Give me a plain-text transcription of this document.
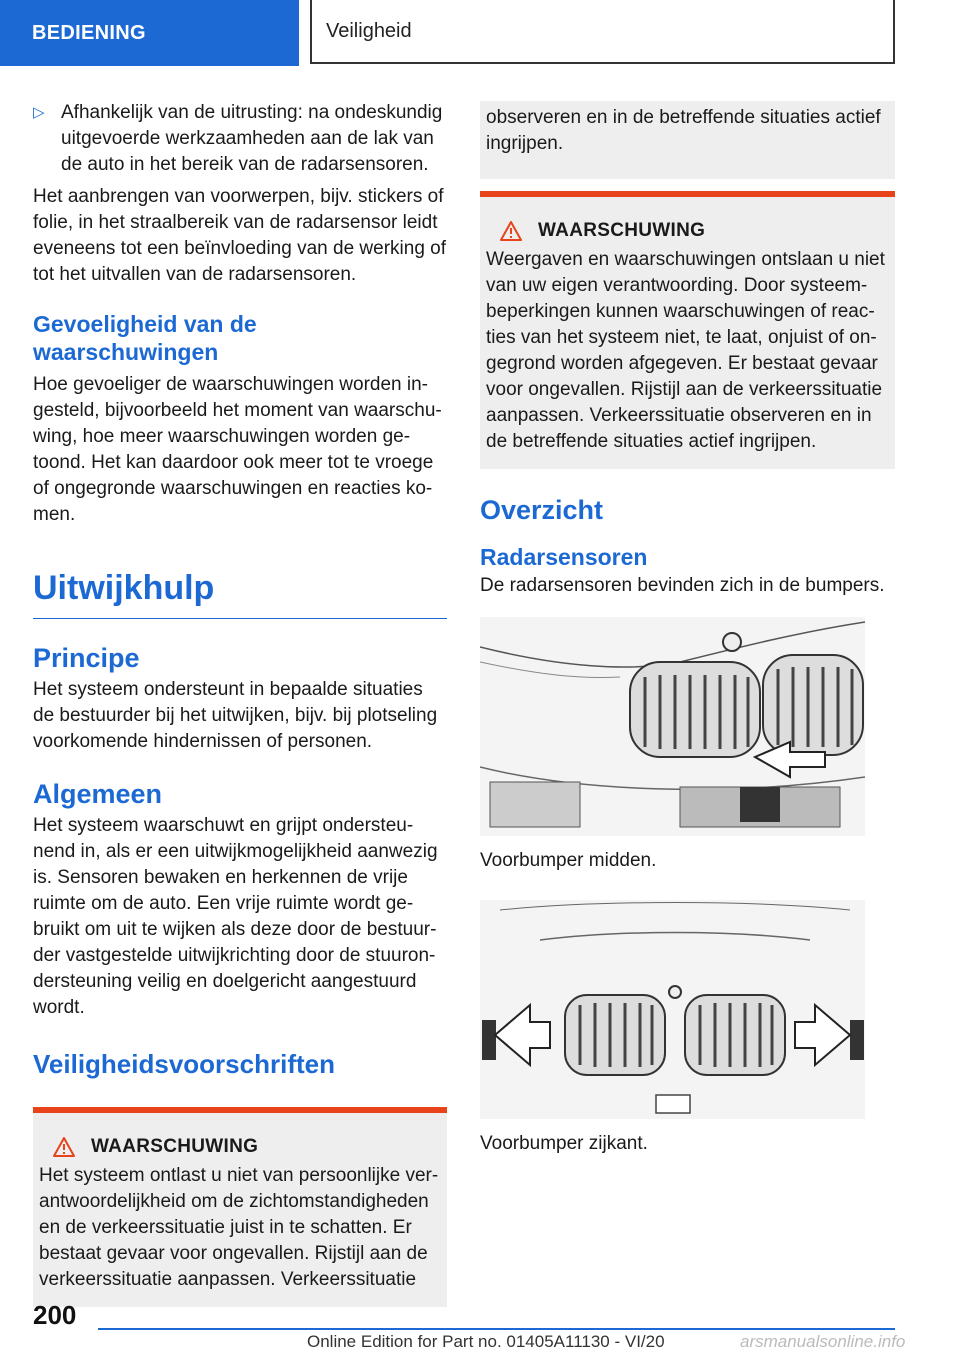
BEDIENING	Veiligheid

▷ Afhankelijk van de uitrusting: na ondeskundig uitgevoerde werkzaamheden aan de lak van de auto in het bereik van de radarsensoren.

Het aanbrengen van voorwerpen, bijv. stickers of folie, in het straalbereik van de radarsensor leidt eveneens tot een beïnvloeding van de werking of tot het uitvallen van de radarsensoren.

Gevoeligheid van de waarschuwingen

Hoe gevoeliger de waarschuwingen worden in- gesteld, bijvoorbeeld het moment van waarschu- wing, hoe meer waarschuwingen worden ge- toond. Het kan daardoor ook meer tot te vroege of ongegronde waarschuwingen en reacties ko- men.

Uitwijkhulp
Principe

Het systeem ondersteunt in bepaalde situaties de bestuurder bij het uitwijken, bijv. bij plotseling voorkomende hindernissen of personen.

Algemeen

Het systeem waarschuwt en grijpt ondersteu- nend in, als er een uitwijkmogelijkheid aanwezig is. Sensoren bewaken en herkennen de vrije ruimte om de auto. Een vrije ruimte wordt ge- bruikt om uit te wijken als deze door de bestuur- der vastgestelde uitwijkrichting door de stuuron- dersteuning veilig en doelgericht aangestuurd wordt.

Veiligheidsvoorschriften
WAARSCHUWING

Het systeem ontlast u niet van persoonlijke ver- antwoordelijkheid om de zichtomstandigheden en de verkeerssituatie juist in te schatten. Er bestaat gevaar voor ongevallen. Rijstijl aan de verkeerssituatie aanpassen. Verkeerssituatie

observeren en in de betreffende situaties actief ingrijpen.

WAARSCHUWING

Weergaven en waarschuwingen ontslaan u niet van uw eigen verantwoording. Door systeem- beperkingen kunnen waarschuwingen of reac- ties van het systeem niet, te laat, onjuist of on- gegrond worden afgegeven. Er bestaat gevaar voor ongevallen. Rijstijl aan de verkeerssituatie aanpassen. Verkeerssituatie observeren en in de betreffende situaties actief ingrijpen.

Overzicht
Radarsensoren

De radarsensoren bevinden zich in de bumpers.

Voorbumper midden.

Voorbumper zijkant.

200
Online Edition for Part no. 01405A11130 - VI/20	arsmanualsonline.info
